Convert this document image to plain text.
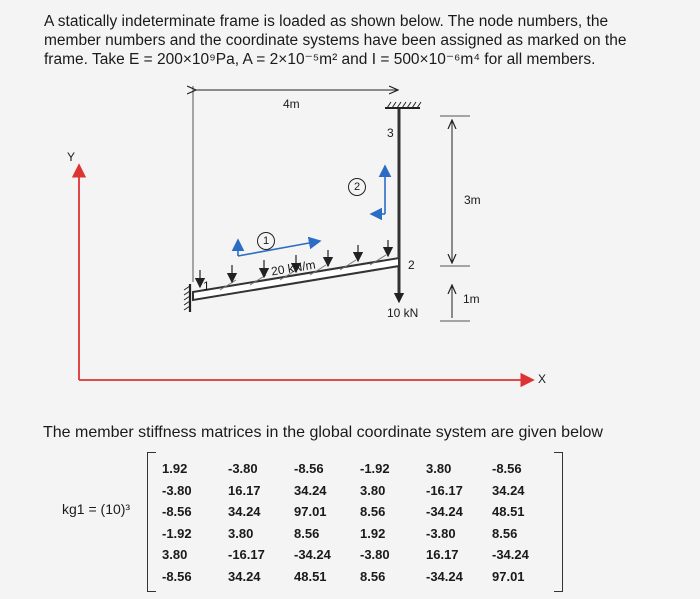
A statically indeterminate frame is loaded as shown below. The node numbers, the
member numbers and the coordinate systems have been assigned as marked on the
frame. Take E = 200×10⁹Pa, A = 2×10⁻⁵m² and I = 500×10⁻⁶m⁴ for all members.
4m
3m
1m
20 kN/m
10 kN
Y
X
1
2
3
1
2
The member stiffness matrices in the global coordinate system are given below
kg1 = (10)³
1.92	-3.80	-8.56	-1.92	3.80	-8.56
-3.80	16.17	34.24	3.80	-16.17	34.24
-8.56	34.24	97.01	8.56	-34.24	48.51
-1.92	3.80	8.56	1.92	-3.80	8.56
3.80	-16.17	-34.24	-3.80	16.17	-34.24
-8.56	34.24	48.51	8.56	-34.24	97.01
